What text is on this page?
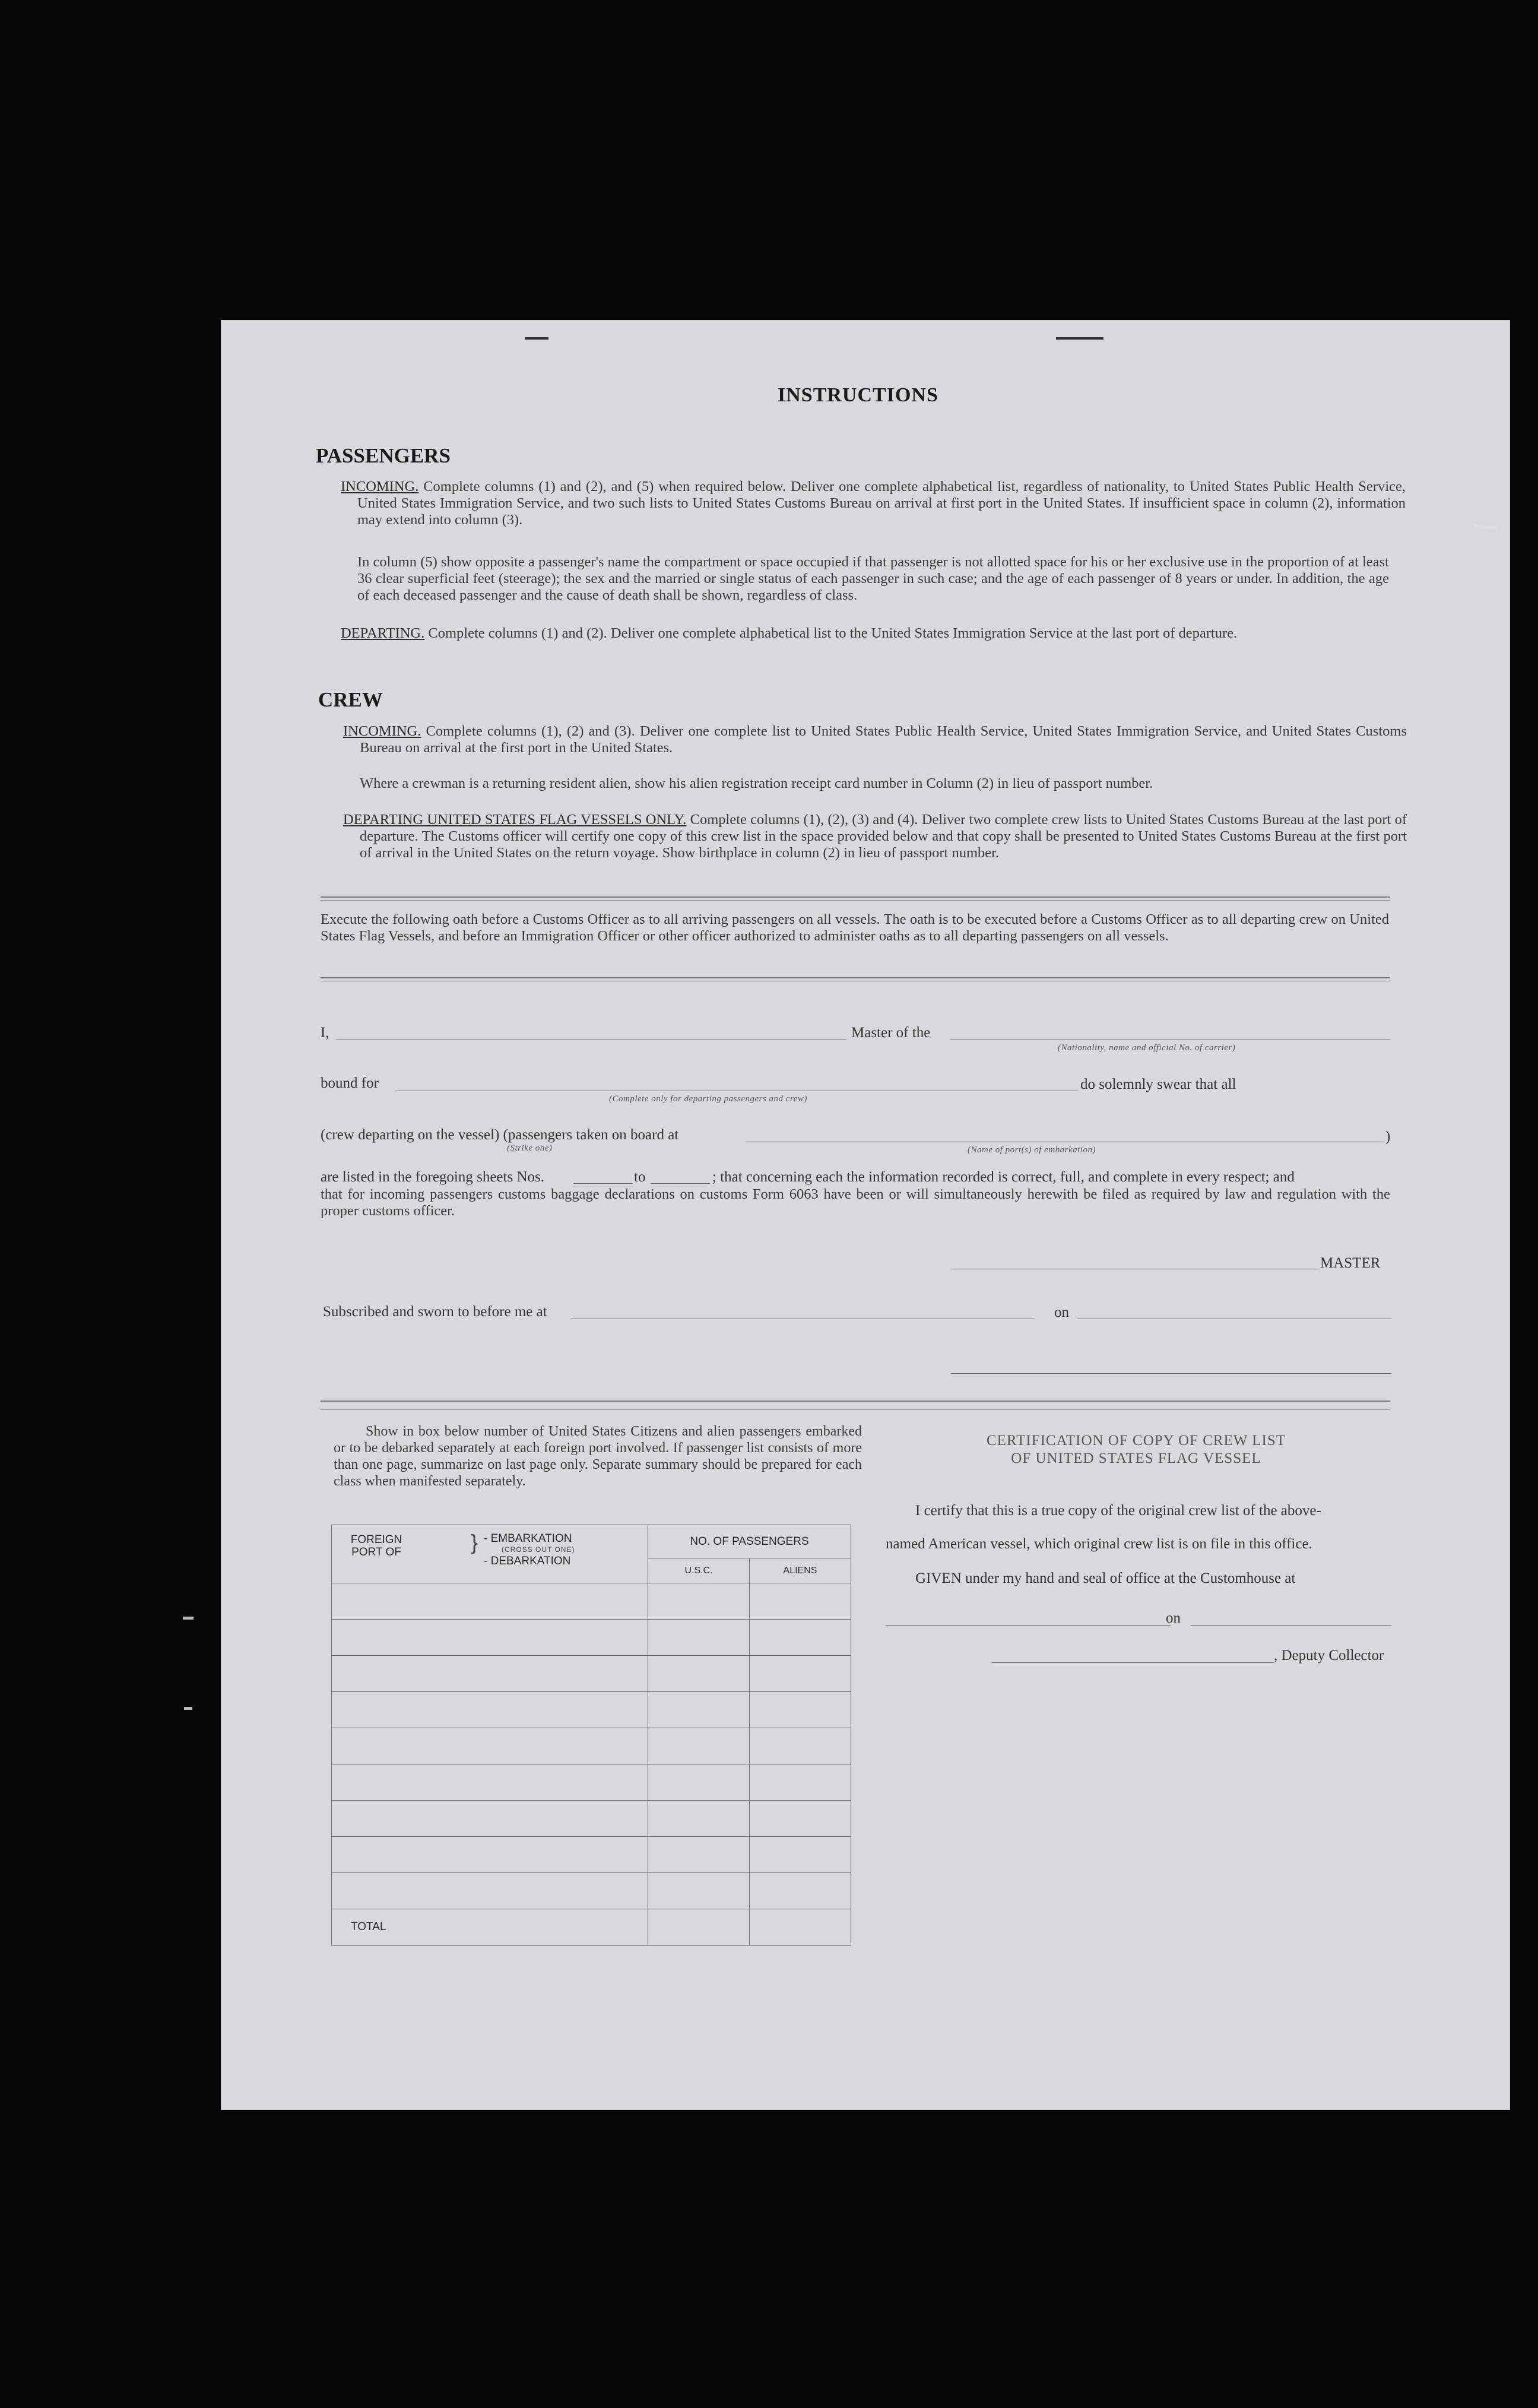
INSTRUCTIONS
PASSENGERS
INCOMING. Complete columns (1) and (2), and (5) when required below. Deliver one complete alphabetical list, regardless of nationality, to United States Public Health Service, United States Immigration Service, and two such lists to United States Customs Bureau on arrival at first port in the United States. If insufficient space in column (2), information may extend into column (3).
In column (5) show opposite a passenger's name the compartment or space occupied if that passenger is not allotted space for his or her exclusive use in the proportion of at least 36 clear superficial feet (steerage); the sex and the married or single status of each passenger in such case; and the age of each passenger of 8 years or under. In addition, the age of each deceased passenger and the cause of death shall be shown, regardless of class.
DEPARTING. Complete columns (1) and (2). Deliver one complete alphabetical list to the United States Immigration Service at the last port of departure.
CREW
INCOMING. Complete columns (1), (2) and (3). Deliver one complete list to United States Public Health Service, United States Immigration Service, and United States Customs Bureau on arrival at the first port in the United States.
Where a crewman is a returning resident alien, show his alien registration receipt card number in Column (2) in lieu of passport number.
DEPARTING UNITED STATES FLAG VESSELS ONLY. Complete columns (1), (2), (3) and (4). Deliver two complete crew lists to United States Customs Bureau at the last port of departure. The Customs officer will certify one copy of this crew list in the space provided below and that copy shall be presented to United States Customs Bureau at the first port of arrival in the United States on the return voyage. Show birthplace in column (2) in lieu of passport number.
Execute the following oath before a Customs Officer as to all arriving passengers on all vessels. The oath is to be executed before a Customs Officer as to all departing crew on United States Flag Vessels, and before an Immigration Officer or other officer authorized to administer oaths as to all departing passengers on all vessels.
I,	Master of the
(Nationality, name and official No. of carrier)
bound for
(Complete only for departing passengers and crew)
do solemnly swear that all
(crew departing on the vessel) (passengers taken on board at
(Strike one)
)
(Name of port(s) of embarkation)
are listed in the foregoing sheets Nos.	to	; that concerning each the information recorded is correct, full, and complete in every respect; and
that for incoming passengers customs baggage declarations on customs Form 6063 have been or will simultaneously herewith be filed as required by law and regulation with the proper customs officer.
MASTER
Subscribed and sworn to before me at	on
Show in box below number of United States Citizens and alien passengers embarked or to be debarked separately at each foreign port involved. If passenger list consists of more than one page, summarize on last page only. Separate summary should be prepared for each class when manifested separately.
FOREIGN PORT OF } - EMBARKATION
(CROSS OUT ONE)
- DEBARKATION	NO. OF PASSENGERS	
	U.S.C.	ALIENS

TOTAL		
CERTIFICATION OF COPY OF CREW LIST
OF UNITED STATES FLAG VESSEL
I certify that this is a true copy of the original crew list of the above-
named American vessel, which original crew list is on file in this office.
GIVEN under my hand and seal of office at the Customhouse at
on
, Deputy Collector
